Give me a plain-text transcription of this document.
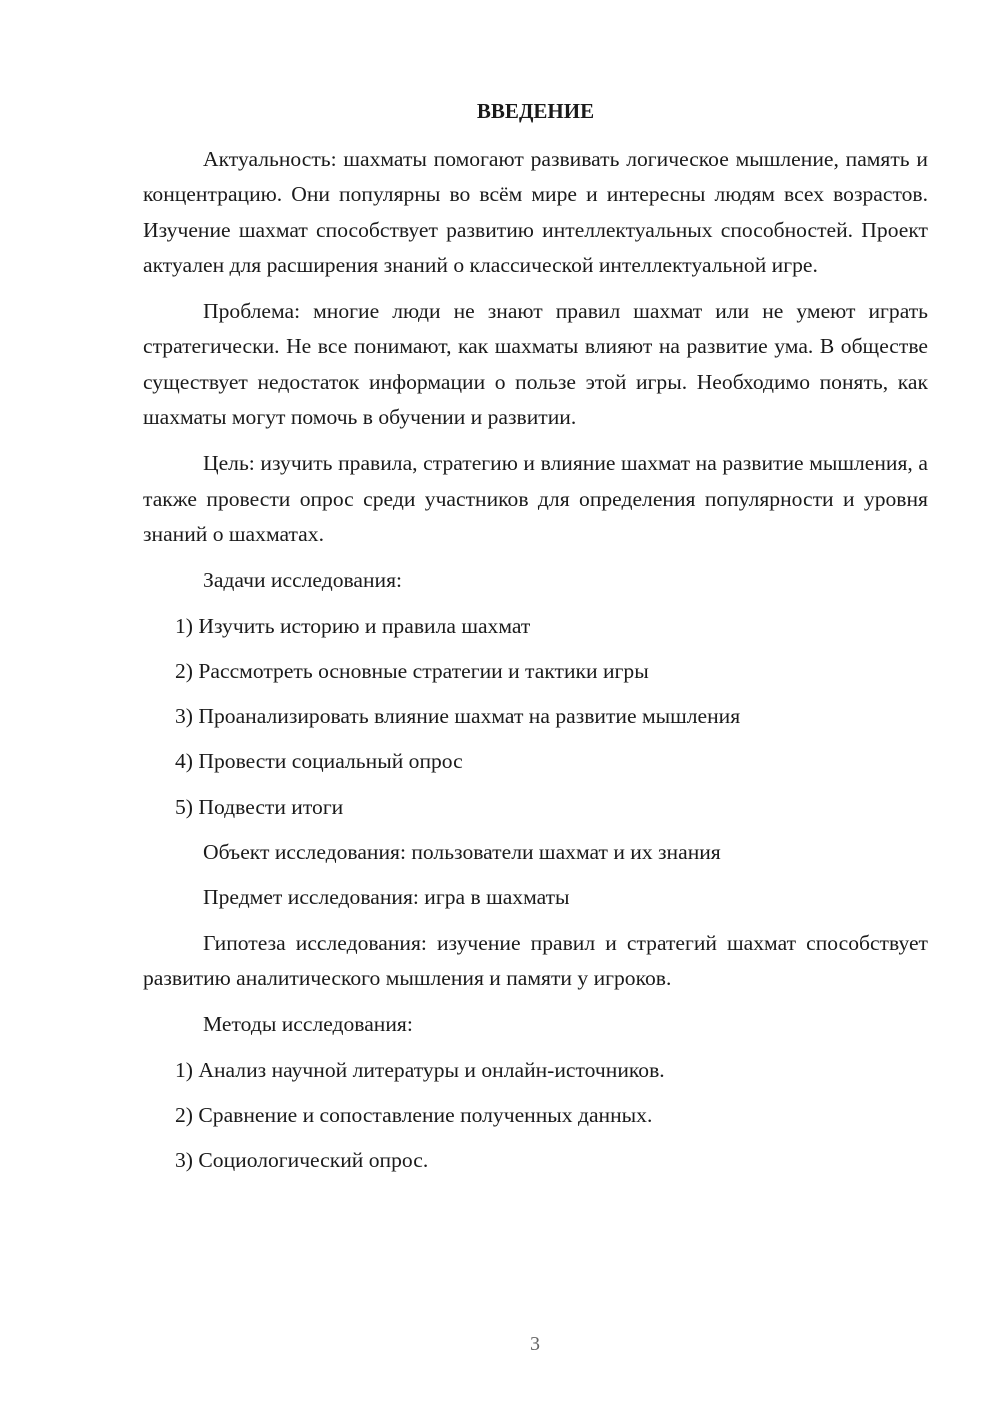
ВВЕДЕНИЕ

Актуальность: шахматы помогают развивать логическое мышление, память и концентрацию. Они популярны во всём мире и интересны людям всех возрастов. Изучение шахмат способствует развитию интеллектуальных способностей. Проект актуален для расширения знаний о классической интеллектуальной игре.

Проблема: многие люди не знают правил шахмат или не умеют играть стратегически. Не все понимают, как шахматы влияют на развитие ума. В обществе существует недостаток информации о пользе этой игры. Необходимо понять, как шахматы могут помочь в обучении и развитии.

Цель: изучить правила, стратегию и влияние шахмат на развитие мышления, а также провести опрос среди участников для определения популярности и уровня знаний о шахматах.

Задачи исследования:

1) Изучить историю и правила шахмат

2) Рассмотреть основные стратегии и тактики игры

3) Проанализировать влияние шахмат на развитие мышления

4) Провести социальный опрос

5) Подвести итоги

Объект исследования: пользователи шахмат и их знания

Предмет исследования: игра в шахматы

Гипотеза исследования: изучение правил и стратегий шахмат способствует развитию аналитического мышления и памяти у игроков.

Методы исследования:

1) Анализ научной литературы и онлайн-источников.

2) Сравнение и сопоставление полученных данных.

3) Социологический опрос.

3
